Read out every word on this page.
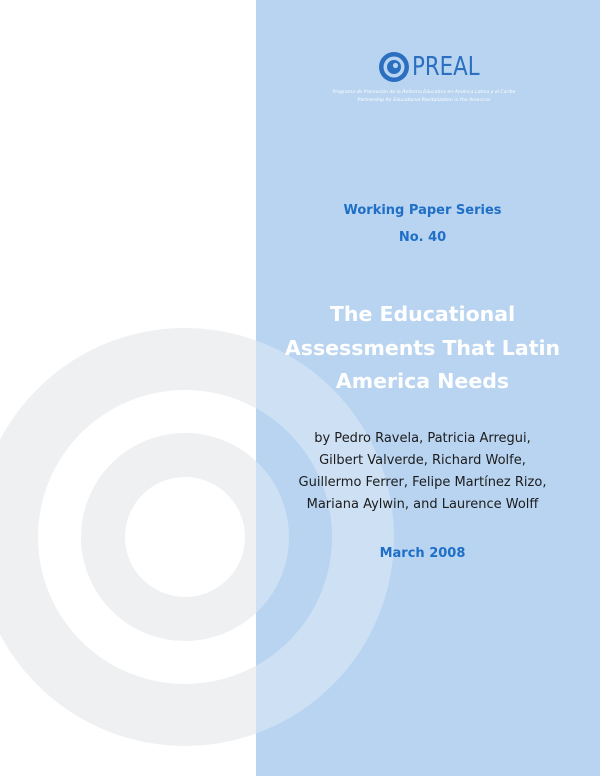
PREAL
Programa de Promoción de la Reforma Educativa en América Latina y el Caribe
Partnership for Educational Revitalization in the Americas
Working Paper Series
No. 40
The Educational
Assessments That Latin
America Needs
by Pedro Ravela, Patricia Arregui,
Gilbert Valverde, Richard Wolfe,
Guillermo Ferrer, Felipe Martínez Rizo,
Mariana Aylwin, and Laurence Wolff
March 2008
